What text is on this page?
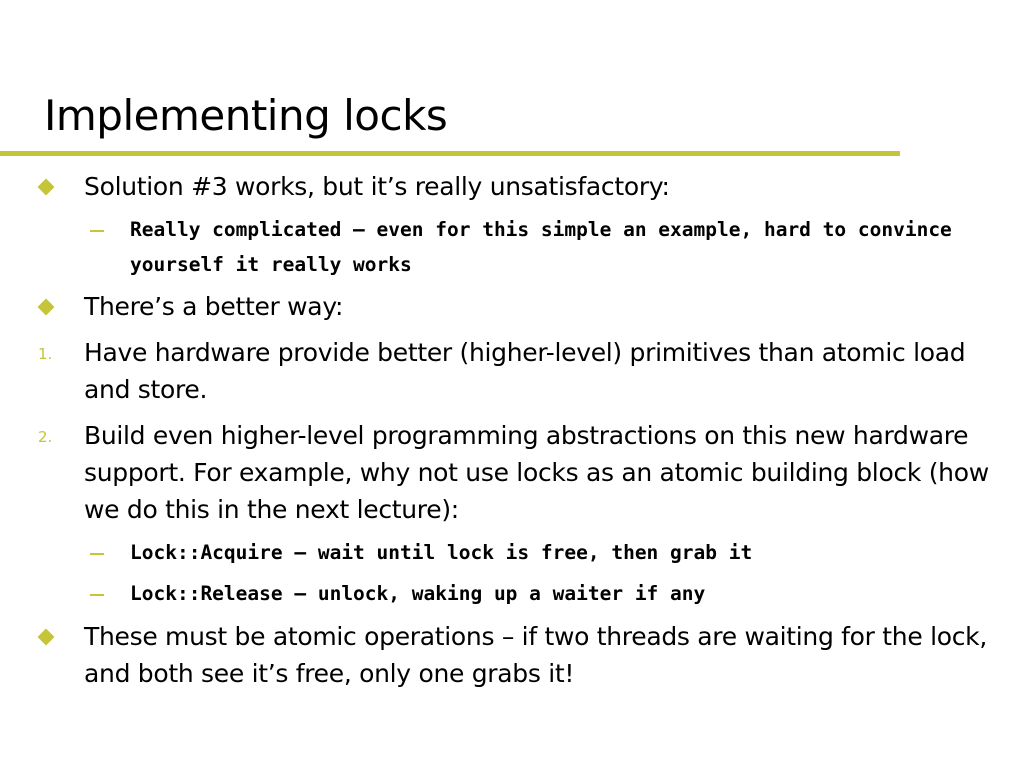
Implementing locks
Solution #3 works, but it’s really unsatisfactory:
Really complicated – even for this simple an example, hard to convince yourself it really works
There’s a better way:
1. Have hardware provide better (higher-level) primitives than atomic load and store.
2. Build even higher-level programming abstractions on this new hardware support. For example, why not use locks as an atomic building block (how we do this in the next lecture):
Lock::Acquire – wait until lock is free, then grab it
Lock::Release – unlock, waking up a waiter if any
These must be atomic operations – if two threads are waiting for the lock, and both see it’s free, only one grabs it!
